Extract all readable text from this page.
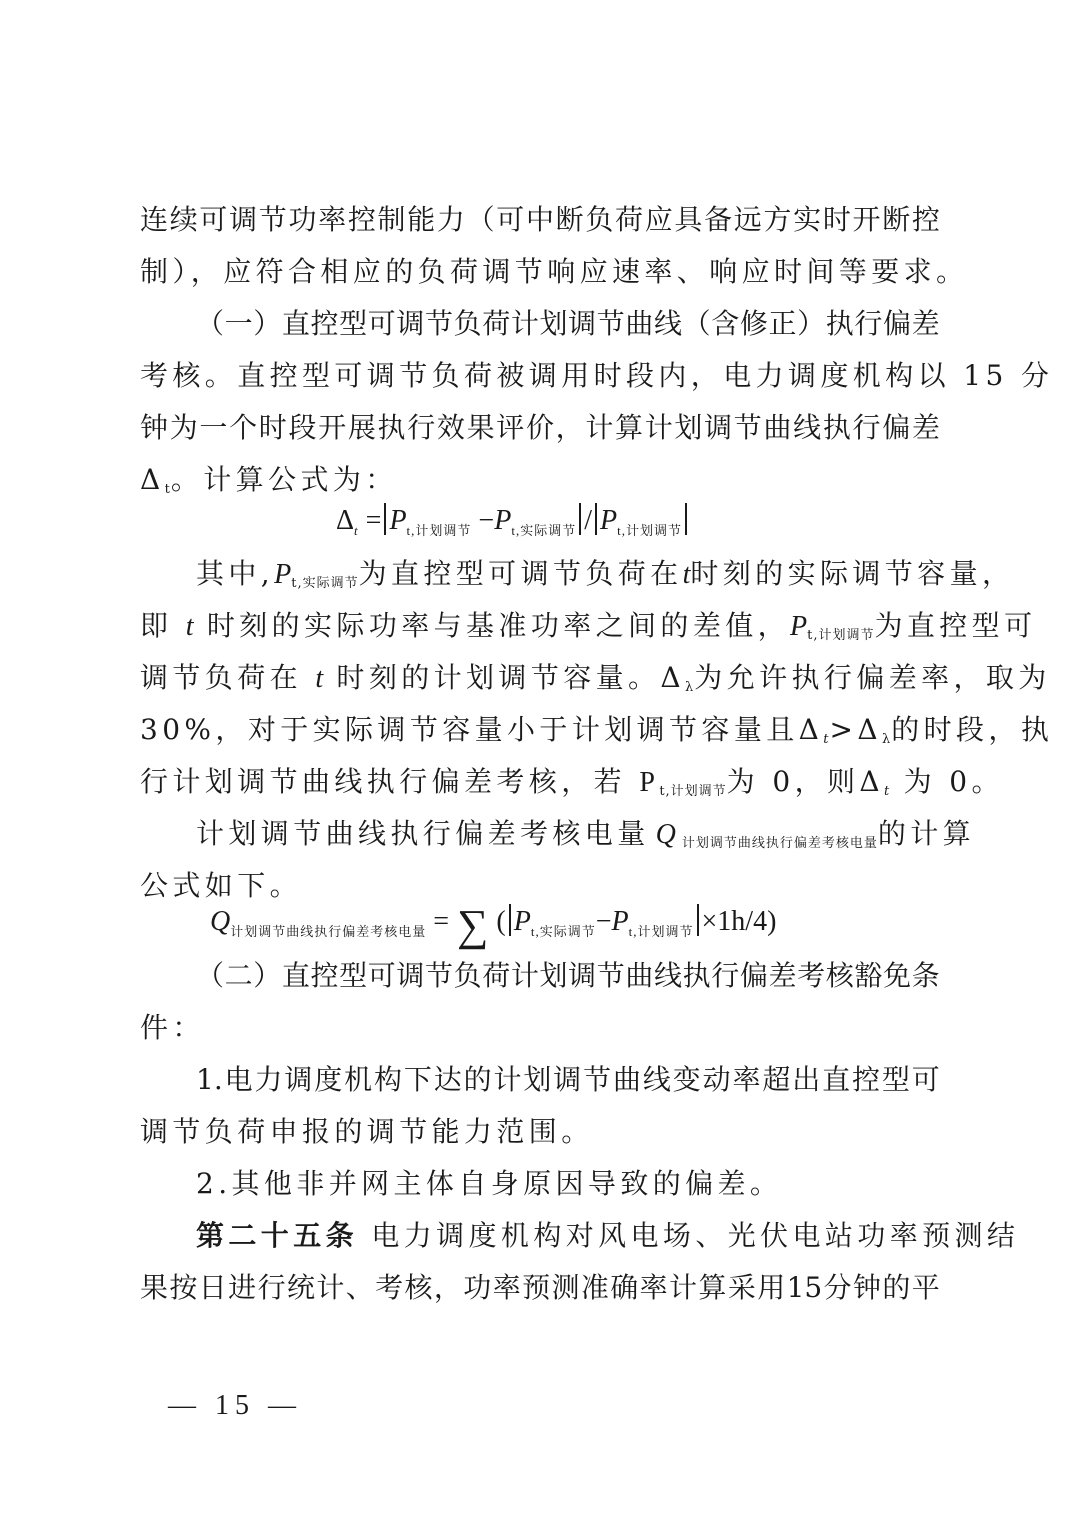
连 续 可 调 节 功 率 控 制 能 力 （ 可 中 断 负 荷 应 具 备 远 方 实 时 开 断 控
制），应符合相应的负荷调节响应速率、响应时间等要求。
（ 一 ） 直 控 型 可 调 节 负 荷 计 划 调 节 曲 线 （ 含 修 正 ） 执 行 偏 差
考核。直控型可调节负荷被调用时段内，电力调度机构以 15 分
钟 为 一 个 时 段 开 展 执 行 效 果 评 价 ， 计 算 计 划 调 节 曲 线 执 行 偏 差
$\Delta_t$。计算公式为：
$\Delta_t = P_{t,计划调节} -P_{t,实际调节} / P_{t,计划调节}$
其中$,P_{t,实际调节}$为直控型可调节负荷在t时刻的实际调节容量，
即 t 时刻的实际功率与基准功率之间的差值，$P_{t,计划调节}$为直控型可
调节负荷在 t 时刻的计划调节容量。$\Delta_\lambda$为允许执行偏差率，取为
30%，对于实际调节容量小于计划调节容量且$\Delta_t>\Delta_\lambda$的时段，执
行计划调节曲线执行偏差考核，若 $P_{t,计划调节}$为 0，则$\Delta_t$ 为 0。
计划调节曲线执行偏差考核电量 Q $_{计划调节曲线执行偏差考核电量}$的计算
公式如下。
$Q_{计划调节曲线执行偏差考核电量}$ = ∑ ( $P_{t,实际调节}-P_{t,计划调节} \times 1h/4$)
（ 二 ） 直 控 型 可 调 节 负 荷 计 划 调 节 曲 线 执 行 偏 差 考 核 豁 免 条
件：
1. 电 力 调 度 机 构 下 达 的 计 划 调 节 曲 线 变 动 率 超 出 直 控 型 可
调节负荷申报的调节能力范围。
2.其他非并网主体自身原因导致的偏差。
第二十五条 电力调度机构对风电场、光伏电站功率预测结
果 按 日 进 行 统 计 、 考 核 ， 功 率 预 测 准 确 率 计 算 采 用 15 分 钟 的 平
— 15 —
